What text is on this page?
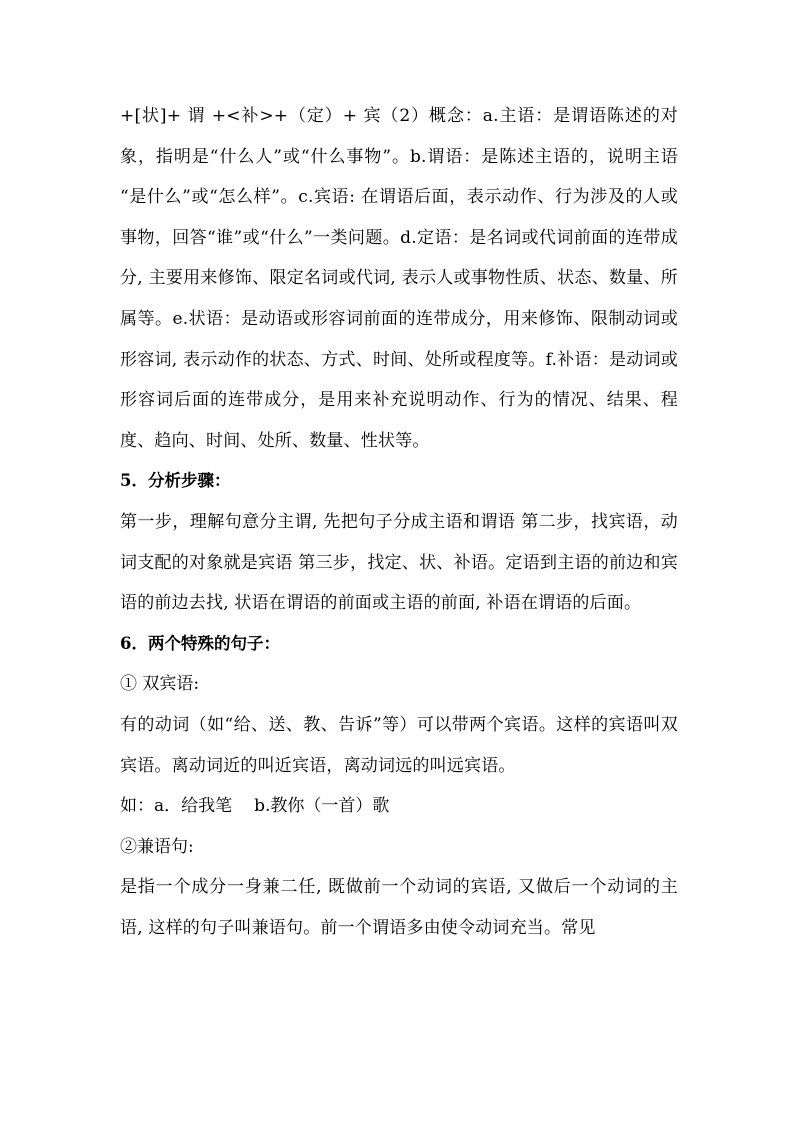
+[状]+ 谓 +<补>+（定）+ 宾（2）概念：a.主语：是谓语陈述的对象，指明是“什么人”或“什么事物”。b.谓语：是陈述主语的，说明主语 “是什么”或“怎么样”。c.宾语: 在谓语后面，表示动作、行为涉及的人或事物，回答“谁”或“什么”一类问题。d.定语：是名词或代词前面的连带成分, 主要用来修饰、限定名词或代词, 表示人或事物性质、状态、数量、所属等。e.状语：是动语或形容词前面的连带成分，用来修饰、限制动词或形容词, 表示动作的状态、方式、时间、处所或程度等。f.补语：是动词或形容词后面的连带成分，是用来补充说明动作、行为的情况、结果、程度、趋向、时间、处所、数量、性状等。

5．分析步骤：

第一步，理解句意分主谓, 先把句子分成主语和谓语 第二步，找宾语，动词支配的对象就是宾语 第三步，找定、状、补语。定语到主语的前边和宾语的前边去找, 状语在谓语的前面或主语的前面, 补语在谓语的后面。

6．两个特殊的句子：

① 双宾语:

有的动词（如“给、送、教、告诉”等）可以带两个宾语。这样的宾语叫双宾语。离动词近的叫近宾语，离动词远的叫远宾语。

如：a．给我笔 b.教你（一首）歌

②兼语句:

是指一个成分一身兼二任, 既做前一个动词的宾语, 又做后一个动词的主语, 这样的句子叫兼语句。前一个谓语多由使令动词充当。常见
